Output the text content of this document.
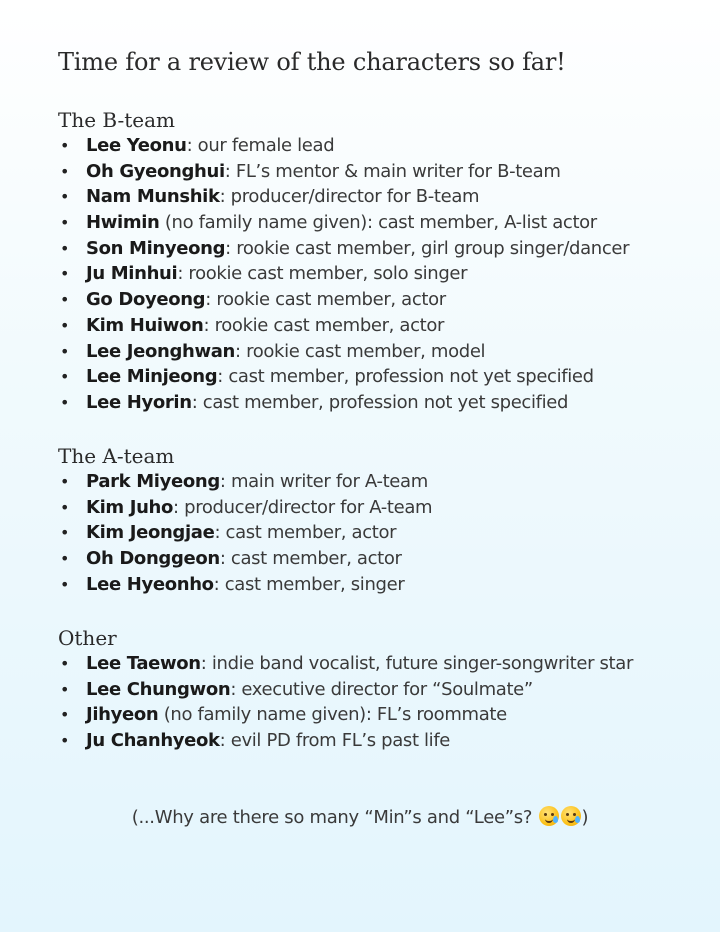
Time for a review of the characters so far!
The B-team
• Lee Yeonu: our female lead
• Oh Gyeonghui: FL’s mentor & main writer for B-team
• Nam Munshik: producer/director for B-team
• Hwimin (no family name given): cast member, A-list actor
• Son Minyeong: rookie cast member, girl group singer/dancer
• Ju Minhui: rookie cast member, solo singer
• Go Doyeong: rookie cast member, actor
• Kim Huiwon: rookie cast member, actor
• Lee Jeonghwan: rookie cast member, model
• Lee Minjeong: cast member, profession not yet specified
• Lee Hyorin: cast member, profession not yet specified
The A-team
• Park Miyeong: main writer for A-team
• Kim Juho: producer/director for A-team
• Kim Jeongjae: cast member, actor
• Oh Donggeon: cast member, actor
• Lee Hyeonho: cast member, singer
Other
• Lee Taewon: indie band vocalist, future singer-songwriter star
• Lee Chungwon: executive director for “Soulmate”
• Jihyeon (no family name given): FL’s roommate
• Ju Chanhyeok: evil PD from FL’s past life
(...Why are there so many “Min”s and “Lee”s?
)
